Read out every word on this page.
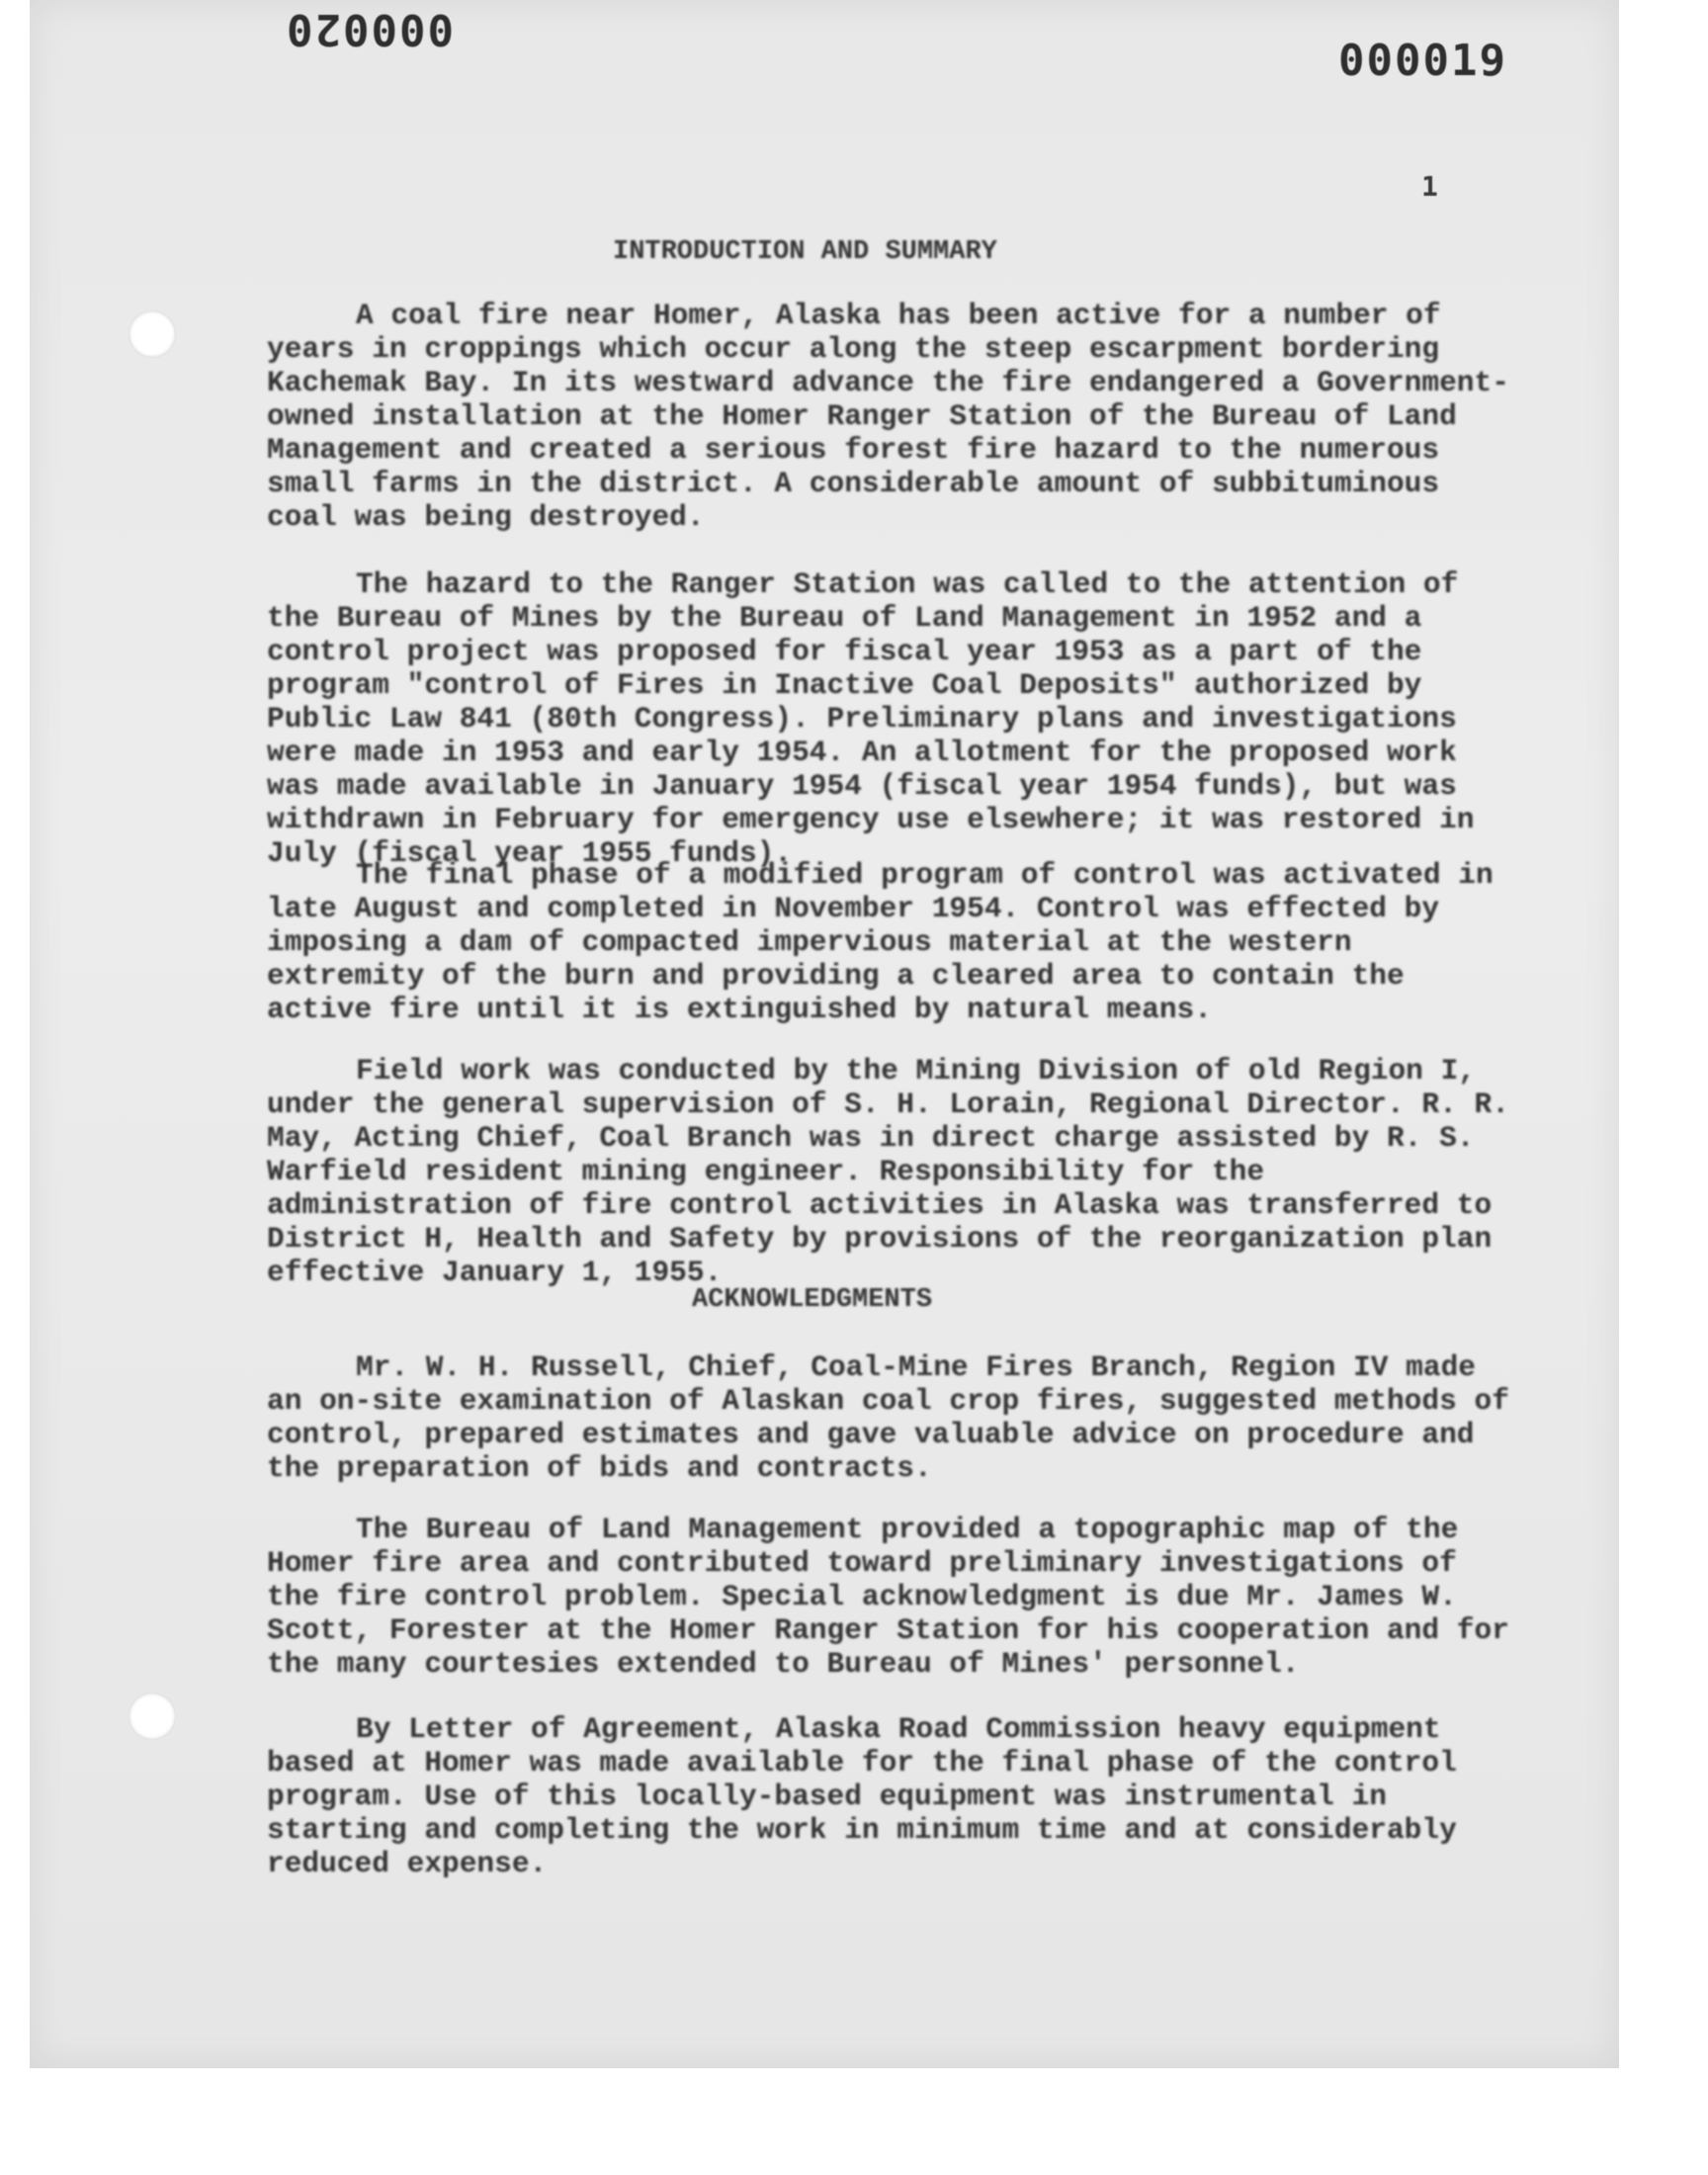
000020
000019
1
INTRODUCTION AND SUMMARY

A coal fire near Homer, Alaska has been active for a number of years in croppings which occur along the steep escarpment bordering Kachemak Bay. In its westward advance the fire endangered a Government-owned installation at the Homer Ranger Station of the Bureau of Land Management and created a serious forest fire hazard to the numerous small farms in the district. A considerable amount of subbituminous coal was being destroyed.

The hazard to the Ranger Station was called to the attention of the Bureau of Mines by the Bureau of Land Management in 1952 and a control project was proposed for fiscal year 1953 as a part of the program "control of Fires in Inactive Coal Deposits" authorized by Public Law 841 (80th Congress). Preliminary plans and investigations were made in 1953 and early 1954. An allotment for the proposed work was made available in January 1954 (fiscal year 1954 funds), but was withdrawn in February for emergency use elsewhere; it was restored in July (fiscal year 1955 funds).

The final phase of a modified program of control was activated in late August and completed in November 1954. Control was effected by imposing a dam of compacted impervious material at the western extremity of the burn and providing a cleared area to contain the active fire until it is extinguished by natural means.

Field work was conducted by the Mining Division of old Region I, under the general supervision of S. H. Lorain, Regional Director. R. R. May, Acting Chief, Coal Branch was in direct charge assisted by R. S. Warfield resident mining engineer. Responsibility for the administration of fire control activities in Alaska was transferred to District H, Health and Safety by provisions of the reorganization plan effective January 1, 1955.

ACKNOWLEDGMENTS

Mr. W. H. Russell, Chief, Coal-Mine Fires Branch, Region IV made an on-site examination of Alaskan coal crop fires, suggested methods of control, prepared estimates and gave valuable advice on procedure and the preparation of bids and contracts.

The Bureau of Land Management provided a topographic map of the Homer fire area and contributed toward preliminary investigations of the fire control problem. Special acknowledgment is due Mr. James W. Scott, Forester at the Homer Ranger Station for his cooperation and for the many courtesies extended to Bureau of Mines' personnel.

By Letter of Agreement, Alaska Road Commission heavy equipment based at Homer was made available for the final phase of the control program. Use of this locally-based equipment was instrumental in starting and completing the work in minimum time and at considerably reduced expense.
